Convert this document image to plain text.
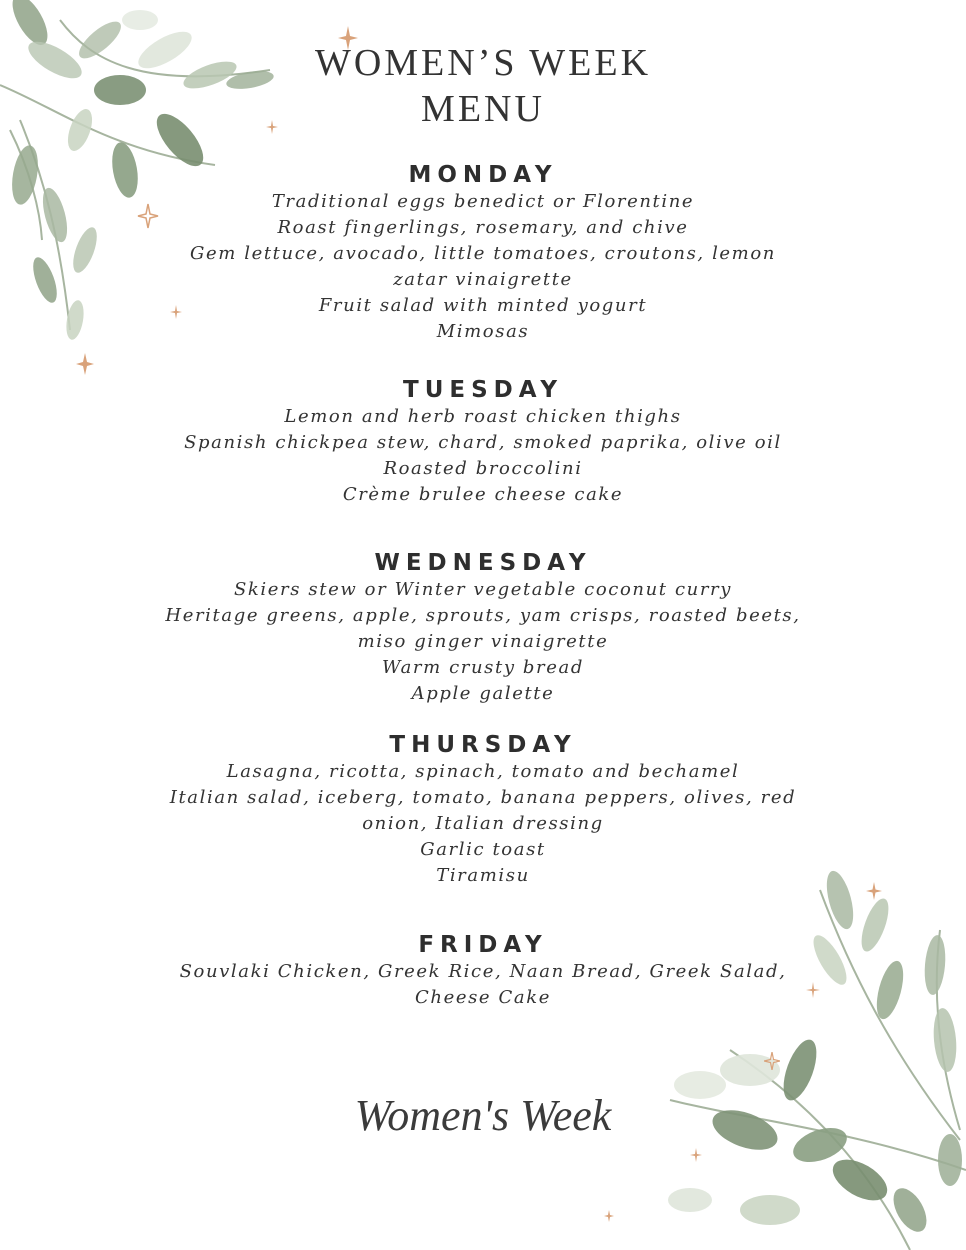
WOMEN’S WEEK
MENU
MONDAY
Traditional eggs benedict or Florentine
Roast fingerlings, rosemary, and chive
Gem lettuce, avocado, little tomatoes, croutons, lemon
zatar vinaigrette
Fruit salad with minted yogurt
Mimosas
TUESDAY
Lemon and herb roast chicken thighs
Spanish chickpea stew, chard, smoked paprika, olive oil
Roasted broccolini
Crème brulee cheese cake
WEDNESDAY
Skiers stew or Winter vegetable coconut curry
Heritage greens, apple, sprouts, yam crisps, roasted beets,
miso ginger vinaigrette
Warm crusty bread
Apple galette
THURSDAY
Lasagna, ricotta, spinach, tomato and bechamel
Italian salad, iceberg, tomato, banana peppers, olives, red
onion, Italian dressing
Garlic toast
Tiramisu
FRIDAY
Souvlaki Chicken, Greek Rice, Naan Bread, Greek Salad,
Cheese Cake
Women's Week
